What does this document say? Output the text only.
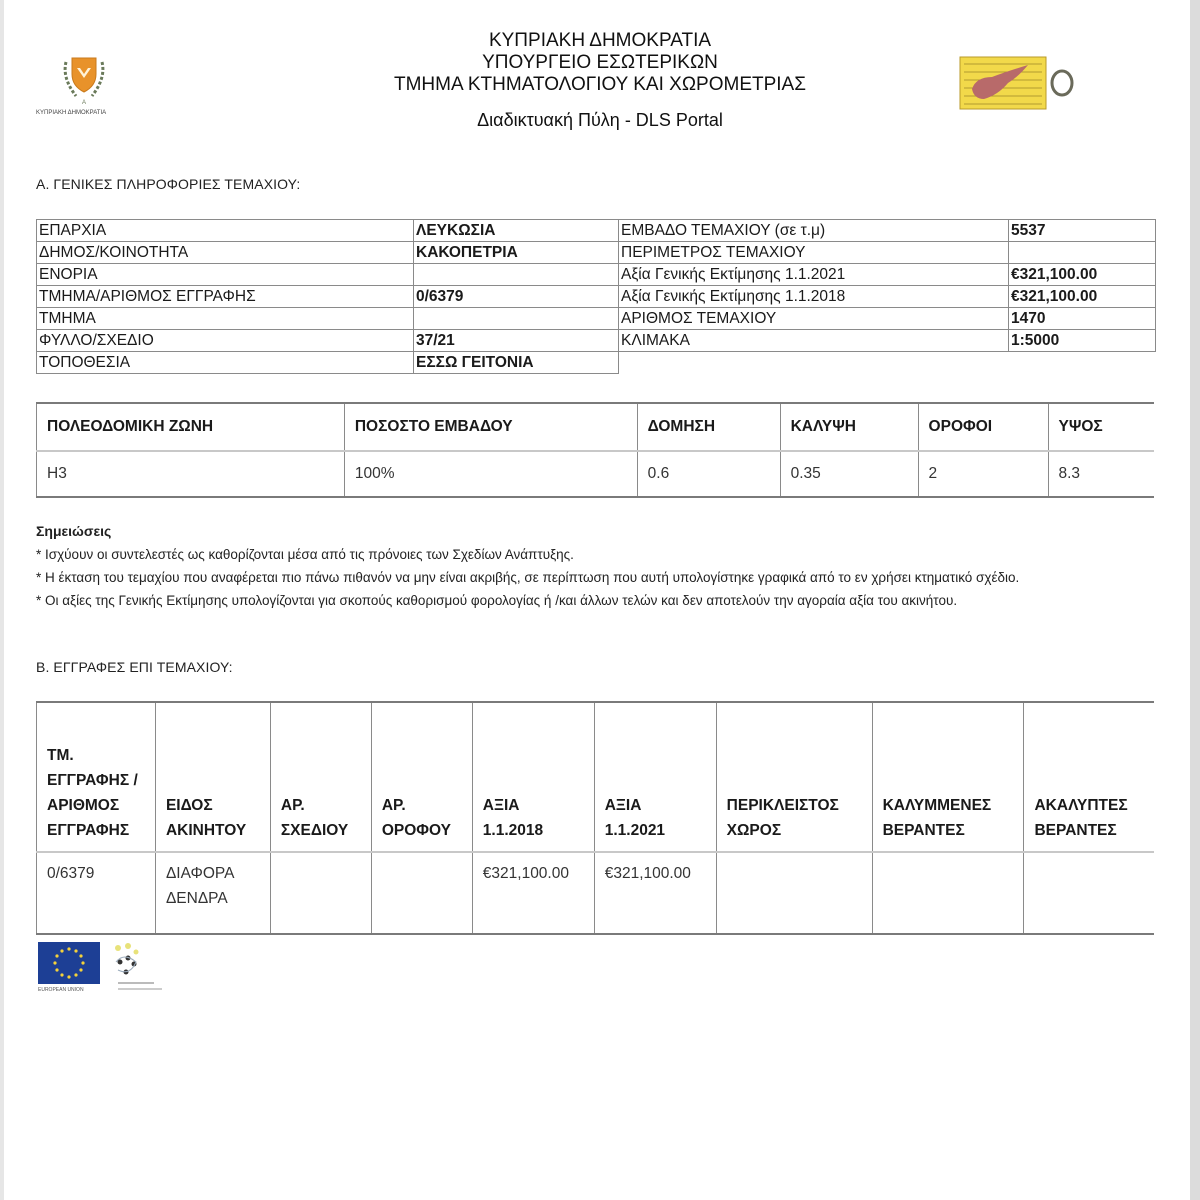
A
ΚΥΠΡΙΑΚΗ ΔΗΜΟΚΡΑΤΙΑ
ΚΥΠΡΙΑΚΗ ΔΗΜΟΚΡΑΤΙΑ
ΥΠΟΥΡΓΕΙΟ ΕΣΩΤΕΡΙΚΩΝ
ΤΜΗΜΑ ΚΤΗΜΑΤΟΛΟΓΙΟΥ ΚΑΙ ΧΩΡΟΜΕΤΡΙΑΣ
Διαδικτυακή Πύλη - DLS Portal
Α. ΓΕΝΙΚΕΣ ΠΛΗΡΟΦΟΡΙΕΣ ΤΕΜΑΧΙΟΥ:
ΕΠΑΡΧΙΑ	ΛΕΥΚΩΣΙΑ	ΕΜΒΑΔΟ ΤΕΜΑΧΙΟΥ (σε τ.μ)	5537
ΔΗΜΟΣ/ΚΟΙΝΟΤΗΤΑ	ΚΑΚΟΠΕΤΡΙΑ	ΠΕΡΙΜΕΤΡΟΣ ΤΕΜΑΧΙΟΥ	
ΕΝΟΡΙΑ		Αξία Γενικής Εκτίμησης 1.1.2021	€321,100.00
ΤΜΗΜΑ/ΑΡΙΘΜΟΣ ΕΓΓΡΑΦΗΣ	0/6379	Αξία Γενικής Εκτίμησης 1.1.2018	€321,100.00
ΤΜΗΜΑ		ΑΡΙΘΜΟΣ ΤΕΜΑΧΙΟΥ	1470
ΦΥΛΛΟ/ΣΧΕΔΙΟ	37/21	ΚΛΙΜΑΚΑ	1:5000
ΤΟΠΟΘΕΣΙΑ	ΕΣΣΩ ΓΕΙΤΟΝΙΑ		
ΠΟΛΕΟΔΟΜΙΚΗ ΖΩΝΗ	ΠΟΣΟΣΤΟ ΕΜΒΑΔΟΥ	ΔΟΜΗΣΗ	ΚΑΛΥΨΗ	ΟΡΟΦΟΙ	ΥΨΟΣ
Η3	100%	0.6	0.35	2	8.3
Σημειώσεις
* Ισχύουν οι συντελεστές ως καθορίζονται μέσα από τις πρόνοιες των Σχεδίων Ανάπτυξης.
* Η έκταση του τεμαχίου που αναφέρεται πιο πάνω πιθανόν να μην είναι ακριβής, σε περίπτωση που αυτή υπολογίστηκε γραφικά από το εν χρήσει κτηματικό σχέδιο.
* Οι αξίες της Γενικής Εκτίμησης υπολογίζονται για σκοπούς καθορισμού φορολογίας ή /και άλλων τελών και δεν αποτελούν την αγοραία αξία του ακινήτου.
Β. ΕΓΓΡΑΦΕΣ ΕΠΙ ΤΕΜΑΧΙΟΥ:
ΤΜ. ΕΓΓΡΑΦΗΣ / ΑΡΙΘΜΟΣ ΕΓΓΡΑΦΗΣ	ΕΙΔΟΣ ΑΚΙΝΗΤΟΥ	ΑΡ. ΣΧΕΔΙΟΥ	ΑΡ. ΟΡΟΦΟΥ	ΑΞΙΑ 1.1.2018	ΑΞΙΑ 1.1.2021	ΠΕΡΙΚΛΕΙΣΤΟΣ ΧΩΡΟΣ	ΚΑΛΥΜΜΕΝΕΣ ΒΕΡΑΝΤΕΣ	ΑΚΑΛΥΠΤΕΣ ΒΕΡΑΝΤΕΣ
0/6379	ΔΙΑΦΟΡΑ ΔΕΝΔΡΑ			€321,100.00	€321,100.00			
EUROPEAN UNION
